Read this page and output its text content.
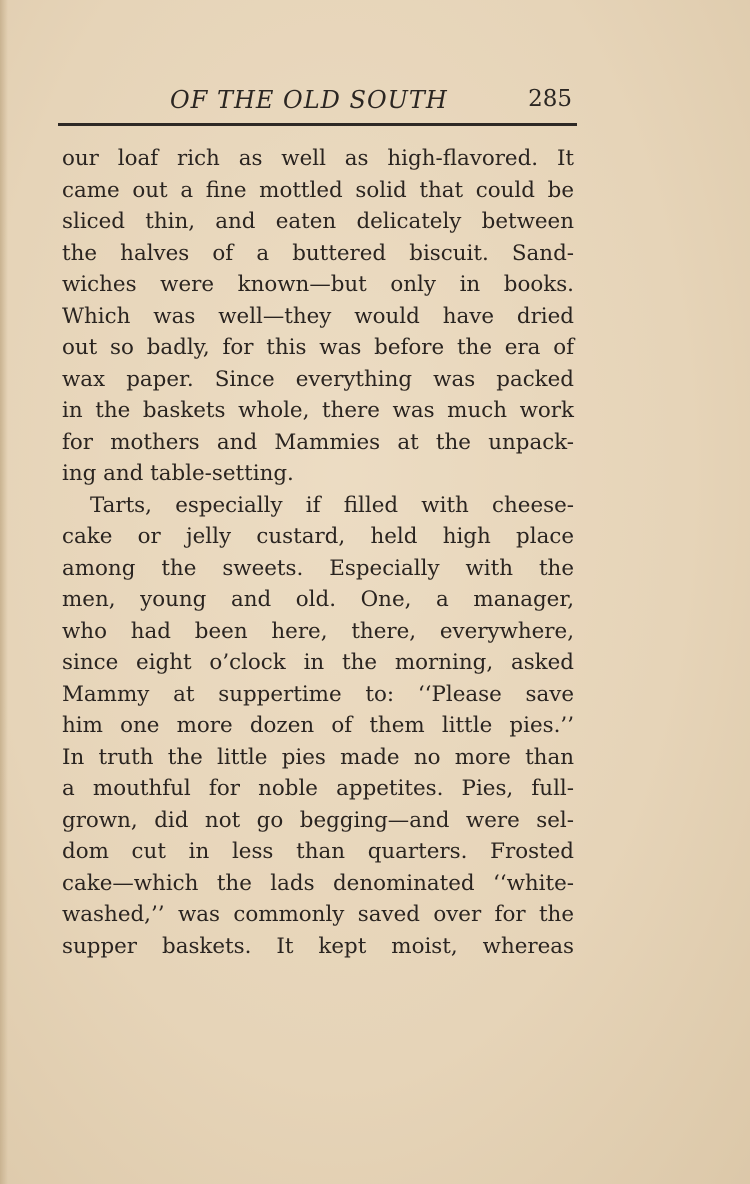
OF THE OLD SOUTH	285
our loaf rich as well as high-flavored. It
came out a fine mottled solid that could be
sliced thin, and eaten delicately between
the halves of a buttered biscuit. Sand-
wiches were known—but only in books.
Which was well—they would have dried
out so badly, for this was before the era of
wax paper. Since everything was packed
in the baskets whole, there was much work
for mothers and Mammies at the unpack-
ing and table-setting.
Tarts, especially if filled with cheese-
cake or jelly custard, held high place
among the sweets. Especially with the
men, young and old. One, a manager,
who had been here, there, everywhere,
since eight o’clock in the morning, asked
Mammy at suppertime to: ‘‘Please save
him one more dozen of them little pies.’’
In truth the little pies made no more than
a mouthful for noble appetites. Pies, full-
grown, did not go begging—and were sel-
dom cut in less than quarters. Frosted
cake—which the lads denominated ‘‘white-
washed,’’ was commonly saved over for the
supper baskets. It kept moist, whereas
